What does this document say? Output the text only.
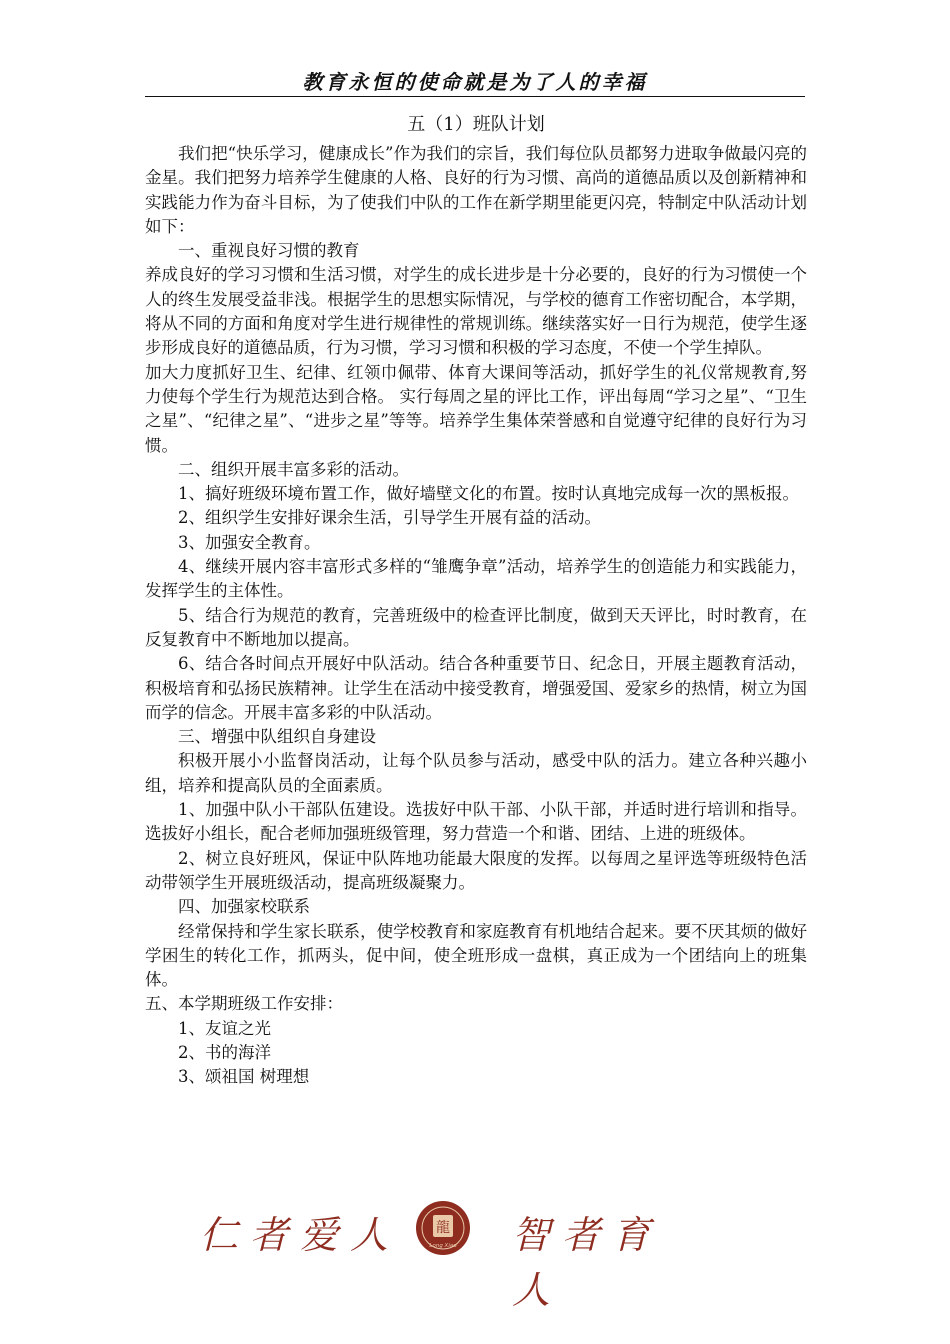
教育永恒的使命就是为了人的幸福
五（1）班队计划

我们把“快乐学习，健康成长”作为我们的宗旨，我们每位队员都努力进取争做最闪亮的金星。我们把努力培养学生健康的人格、良好的行为习惯、高尚的道德品质以及创新精神和实践能力作为奋斗目标，为了使我们中队的工作在新学期里能更闪亮，特制定中队活动计划如下：

一、重视良好习惯的教育

养成良好的学习习惯和生活习惯，对学生的成长进步是十分必要的，良好的行为习惯使一个人的终生发展受益非浅。根据学生的思想实际情况，与学校的德育工作密切配合，本学期，将从不同的方面和角度对学生进行规律性的常规训练。继续落实好一日行为规范，使学生逐步形成良好的道德品质，行为习惯，学习习惯和积极的学习态度，不使一个学生掉队。

加大力度抓好卫生、纪律、红领巾佩带、体育大课间等活动，抓好学生的礼仪常规教育,努力使每个学生行为规范达到合格。 实行每周之星的评比工作，评出每周“学习之星”、“卫生之星”、“纪律之星”、“进步之星”等等。培养学生集体荣誉感和自觉遵守纪律的良好行为习惯。

二、组织开展丰富多彩的活动。

1、搞好班级环境布置工作，做好墙壁文化的布置。按时认真地完成每一次的黑板报。

2、组织学生安排好课余生活，引导学生开展有益的活动。

3、加强安全教育。

4、继续开展内容丰富形式多样的“雏鹰争章”活动，培养学生的创造能力和实践能力，发挥学生的主体性。

5、结合行为规范的教育，完善班级中的检查评比制度，做到天天评比，时时教育，在反复教育中不断地加以提高。

6、结合各时间点开展好中队活动。结合各种重要节日、纪念日，开展主题教育活动，积极培育和弘扬民族精神。让学生在活动中接受教育，增强爱国、爱家乡的热情，树立为国而学的信念。开展丰富多彩的中队活动。

三、增强中队组织自身建设

积极开展小小监督岗活动，让每个队员参与活动，感受中队的活力。建立各种兴趣小组，培养和提高队员的全面素质。

1、加强中队小干部队伍建设。选拔好中队干部、小队干部，并适时进行培训和指导。选拔好小组长，配合老师加强班级管理，努力营造一个和谐、团结、上进的班级体。

2、树立良好班风，保证中队阵地功能最大限度的发挥。以每周之星评选等班级特色活动带领学生开展班级活动，提高班级凝聚力。

四、加强家校联系

经常保持和学生家长联系，使学校教育和家庭教育有机地结合起来。要不厌其烦的做好学困生的转化工作，抓两头，促中间，使全班形成一盘棋，真正成为一个团结向上的班集体。

五、本学期班级工作安排：

1、友谊之光

2、书的海洋

3、颂祖国 树理想

仁者爱人	龍
Long Xiao 智者育人
